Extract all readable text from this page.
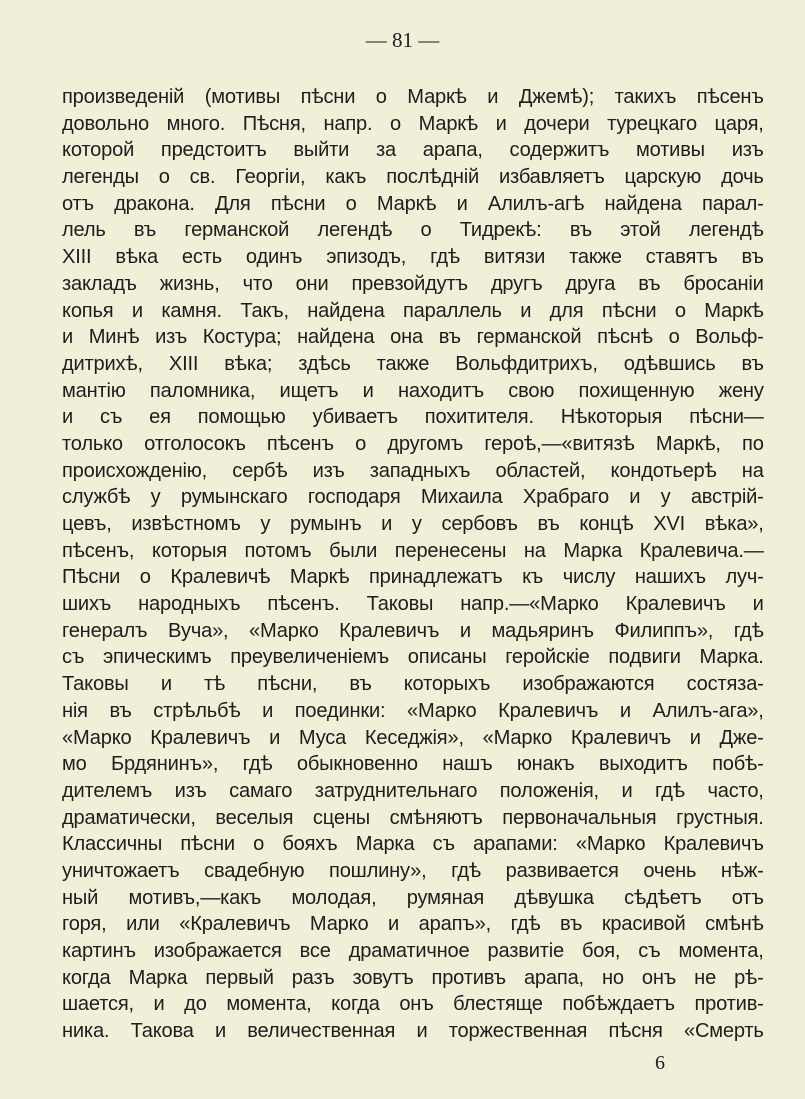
— 81 —
произведеній (мотивы пѣсни о Маркѣ и Джемѣ); такихъ пѣсенъ
довольно много. Пѣсня, напр. о Маркѣ и дочери турецкаго царя,
которой предстоитъ выйти за арапа, содержитъ мотивы изъ
легенды о св. Георгіи, какъ послѣдній избавляетъ царскую дочь
отъ дракона. Для пѣсни о Маркѣ и Алилъ-агѣ найдена парал-
лель въ германской легендѣ о Тидрекѣ: въ этой легендѣ
XIII вѣка есть одинъ эпизодъ, гдѣ витязи также ставятъ въ
закладъ жизнь, что они превзойдутъ другъ друга въ бросаніи
копья и камня. Такъ, найдена параллель и для пѣсни о Маркѣ
и Минѣ изъ Костура; найдена она въ германской пѣснѣ о Вольф-
дитрихѣ, XIII вѣка; здѣсь также Вольфдитрихъ, одѣвшись въ
мантію паломника, ищетъ и находитъ свою похищенную жену
и съ ея помощью убиваетъ похитителя. Нѣкоторыя пѣсни—
только отголосокъ пѣсенъ о другомъ героѣ,—«витязѣ Маркѣ, по
происхожденію, сербѣ изъ западныхъ областей, кондотьерѣ на
службѣ у румынскаго господаря Михаила Храбраго и у австрій-
цевъ, извѣстномъ у румынъ и у сербовъ въ концѣ XVI вѣка»,
пѣсенъ, которыя потомъ были перенесены на Марка Кралевича.—
Пѣсни о Кралевичѣ Маркѣ принадлежатъ къ числу нашихъ луч-
шихъ народныхъ пѣсенъ. Таковы напр.—«Марко Кралевичъ и
генералъ Вуча», «Марко Кралевичъ и мадьяринъ Филиппъ», гдѣ
съ эпическимъ преувеличеніемъ описаны геройскіе подвиги Марка.
Таковы и тѣ пѣсни, въ которыхъ изображаются состяза-
нія въ стрѣльбѣ и поединки: «Марко Кралевичъ и Алилъ-ага»,
«Марко Кралевичъ и Муса Кеседжія», «Марко Кралевичъ и Дже-
мо Брдянинъ», гдѣ обыкновенно нашъ юнакъ выходитъ побѣ-
дителемъ изъ самаго затруднительнаго положенія, и гдѣ часто,
драматически, веселыя сцены смѣняютъ первоначальныя грустныя.
Классичны пѣсни о бояхъ Марка съ арапами: «Марко Кралевичъ
уничтожаетъ свадебную пошлину», гдѣ развивается очень нѣж-
ный мотивъ,—какъ молодая, румяная дѣвушка сѣдѣетъ отъ
горя, или «Кралевичъ Марко и арапъ», гдѣ въ красивой смѣнѣ
картинъ изображается все драматичное развитіе боя, съ момента,
когда Марка первый разъ зовутъ противъ арапа, но онъ не рѣ-
шается, и до момента, когда онъ блестяще побѣждаетъ против-
ника. Такова и величественная и торжественная пѣсня «Смерть
6
